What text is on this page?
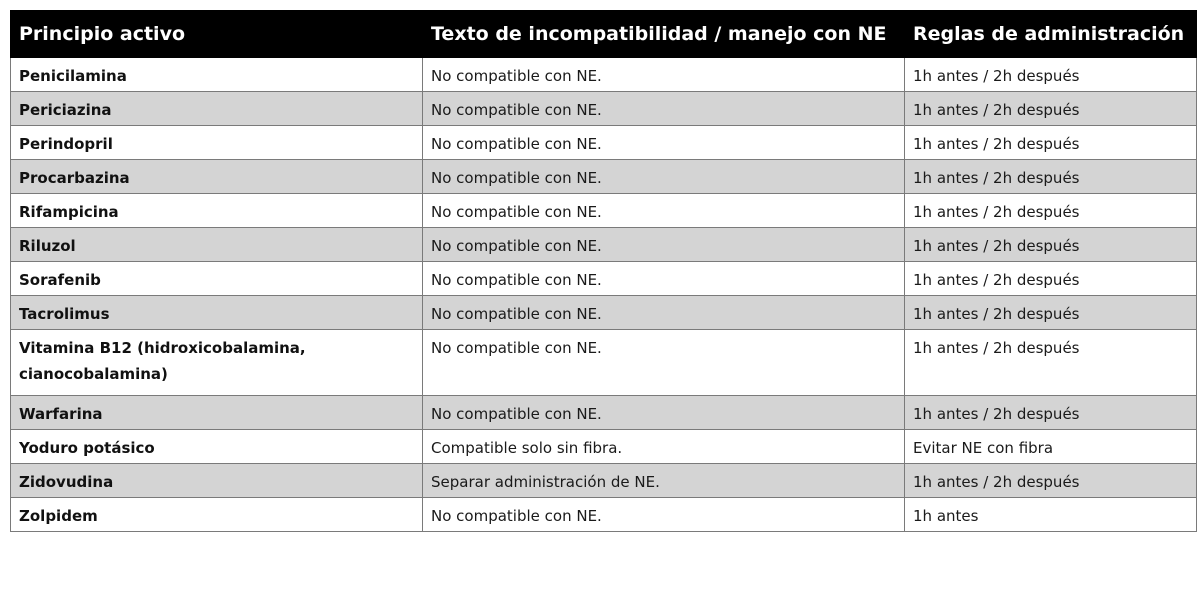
Principio activo	Texto de incompatibilidad / manejo con NE	Reglas de administración
Penicilamina	No compatible con NE.	1h antes / 2h después
Periciazina	No compatible con NE.	1h antes / 2h después
Perindopril	No compatible con NE.	1h antes / 2h después
Procarbazina	No compatible con NE.	1h antes / 2h después
Rifampicina	No compatible con NE.	1h antes / 2h después
Riluzol	No compatible con NE.	1h antes / 2h después
Sorafenib	No compatible con NE.	1h antes / 2h después
Tacrolimus	No compatible con NE.	1h antes / 2h después
Vitamina B12 (hidroxicobalamina, cianocobalamina)	No compatible con NE.	1h antes / 2h después
Warfarina	No compatible con NE.	1h antes / 2h después
Yoduro potásico	Compatible solo sin fibra.	Evitar NE con fibra
Zidovudina	Separar administración de NE.	1h antes / 2h después
Zolpidem	No compatible con NE.	1h antes
